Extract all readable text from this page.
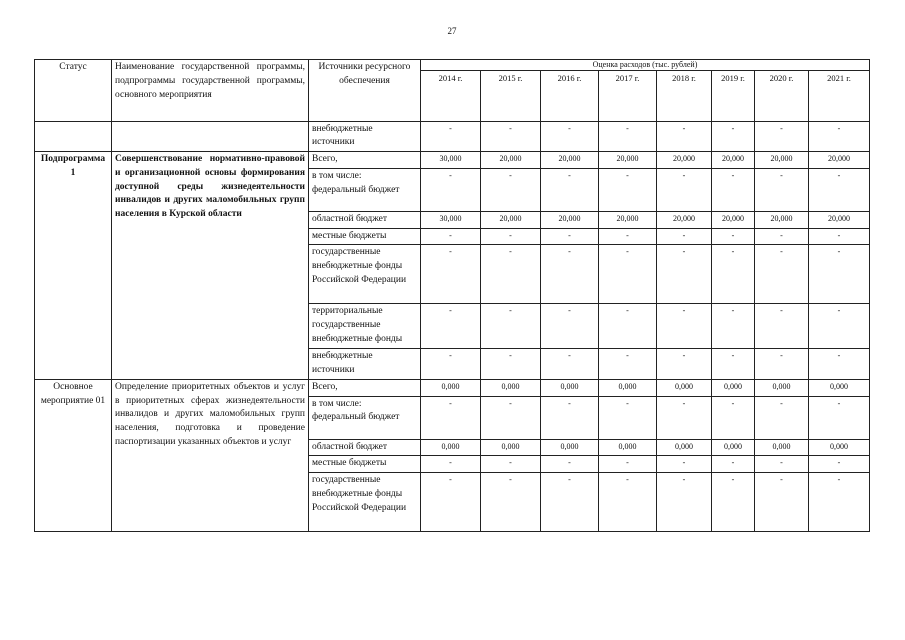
27
Статус	Наименование государственной программы, подпрограммы государственной программы, основного мероприятия	Источники ресурсного обеспечения	Оценка расходов (тыс. рублей)							
			2014 г.	2015 г.	2016 г.	2017 г.	2018 г.	2019 г.	2020 г.	2021 г.
		внебюджетные источники	-	-	-	-	-	-	-	-
Подпрограмма 1	Совершенствование нормативно-правовой и организационной основы формирования доступной среды жизнедеятельности инвалидов и других маломобильных групп населения в Курской области	Всего,	30,000	20,000	20,000	20,000	20,000	20,000	20,000	20,000
		в том числе: федеральный бюджет	-	-	-	-	-	-	-	-
		областной бюджет	30,000	20,000	20,000	20,000	20,000	20,000	20,000	20,000
		местные бюджеты	-	-	-	-	-	-	-	-
		государственные внебюджетные фонды Российской Федерации	-	-	-	-	-	-	-	-
		территориальные государственные внебюджетные фонды	-	-	-	-	-	-	-	-
		внебюджетные источники	-	-	-	-	-	-	-	-
Основное мероприятие 01	Определение приоритетных объектов и услуг в приоритетных сферах жизнедеятельности инвалидов и других маломобильных групп населения, подготовка и проведение паспортизации указанных объектов и услуг	Всего,	0,000	0,000	0,000	0,000	0,000	0,000	0,000	0,000
		в том числе: федеральный бюджет	-	-	-	-	-	-	-	-
		областной бюджет	0,000	0,000	0,000	0,000	0,000	0,000	0,000	0,000
		местные бюджеты	-	-	-	-	-	-	-	-
		государственные внебюджетные фонды Российской Федерации	-	-	-	-	-	-	-	-
